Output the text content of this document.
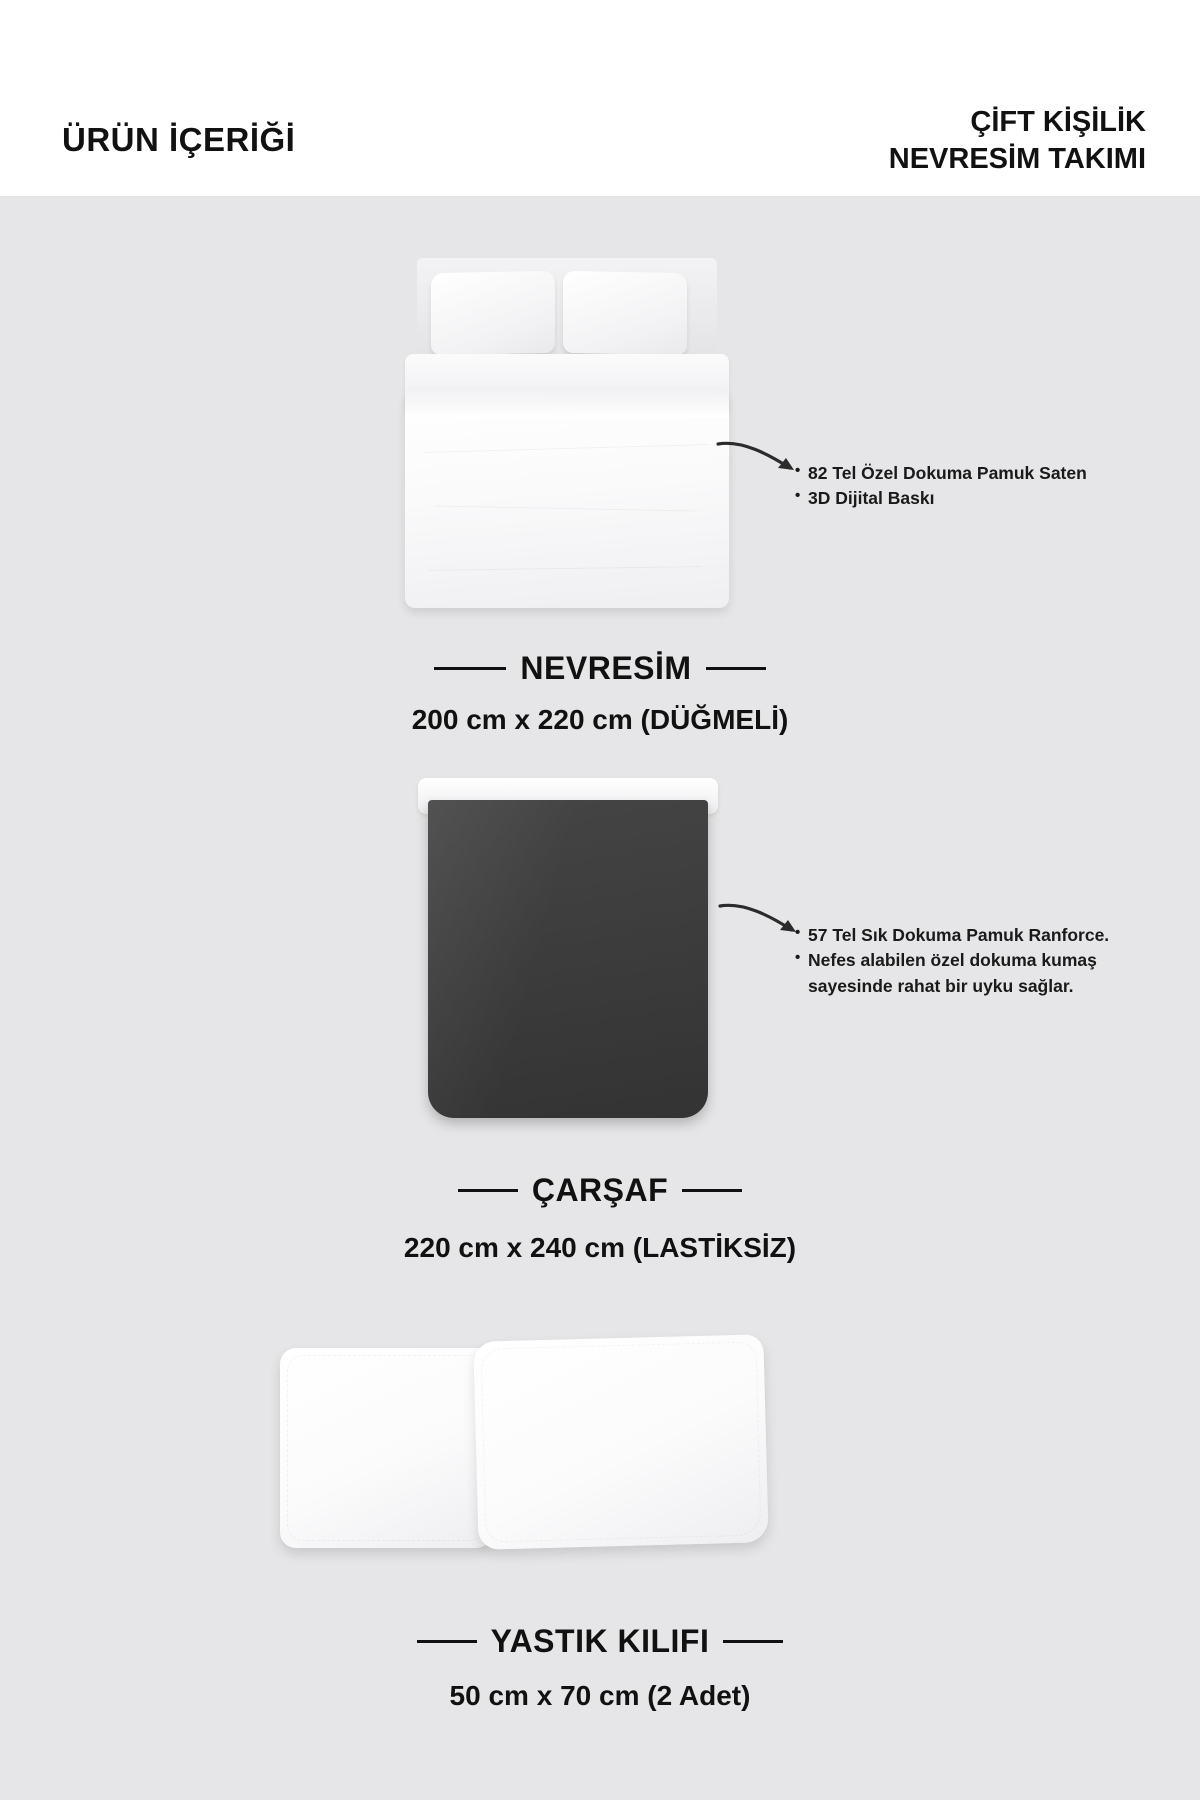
ÜRÜN İÇERİĞİ	ÇİFT KİŞİLİK
NEVRESİM TAKIMI
• 82 Tel Özel Dokuma Pamuk Saten
• 3D Dijital Baskı
NEVRESİM
200 cm x 220 cm (DÜĞMELİ)
• 57 Tel Sık Dokuma Pamuk Ranforce.
• Nefes alabilen özel dokuma kumaş
sayesinde rahat bir uyku sağlar.
ÇARŞAF
220 cm x 240 cm (LASTİKSİZ)
YASTIK KILIFI
50 cm x 70 cm (2 Adet)
